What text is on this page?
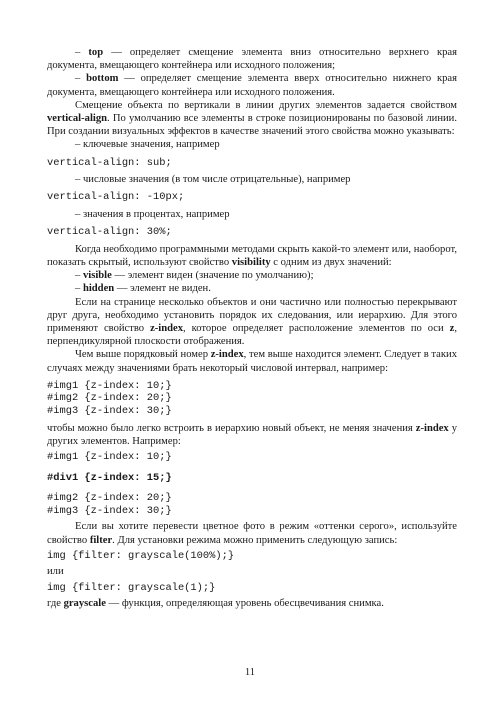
– top — определяет смещение элемента вниз относительно верхнего края документа, вмещающего контейнера или исходного положения;

– bottom — определяет смещение элемента вверх относительно нижнего края документа, вмещающего контейнера или исходного положения.

Смещение объекта по вертикали в линии других элементов задается свойством vertical-align. По умолчанию все элементы в строке позиционированы по базовой линии. При создании визуальных эффектов в качестве значений этого свойства можно указывать:

– ключевые значения, например

vertical-align: sub;

– числовые значения (в том числе отрицательные), например

vertical-align: -10px;

– значения в процентах, например

vertical-align: 30%;

Когда необходимо программными методами скрыть какой-то элемент или, наоборот, показать скрытый, используют свойство visibility с одним из двух значений:

– visible — элемент виден (значение по умолчанию);

– hidden — элемент не виден.

Если на странице несколько объектов и они частично или полностью перекрывают друг друга, необходимо установить порядок их следования, или иерархию. Для этого применяют свойство z-index, которое определяет расположение элементов по оси z, перпендикулярной плоскости отображения.

Чем выше порядковый номер z-index, тем выше находится элемент. Следует в таких случаях между значениями брать некоторый числовой интервал, например:

#img1 {z-index: 10;}
#img2 {z-index: 20;}
#img3 {z-index: 30;}

чтобы можно было легко встроить в иерархию новый объект, не меняя значения z-index у других элементов. Например:

#img1 {z-index: 10;}
#div1 {z-index: 15;}
#img2 {z-index: 20;}
#img3 {z-index: 30;}

Если вы хотите перевести цветное фото в режим «оттенки серого», используйте свойство filter. Для установки режима можно применить следующую запись:

img {filter: grayscale(100%);}

или

img {filter: grayscale(1);}

где grayscale — функция, определяющая уровень обесцвечивания снимка.

11
